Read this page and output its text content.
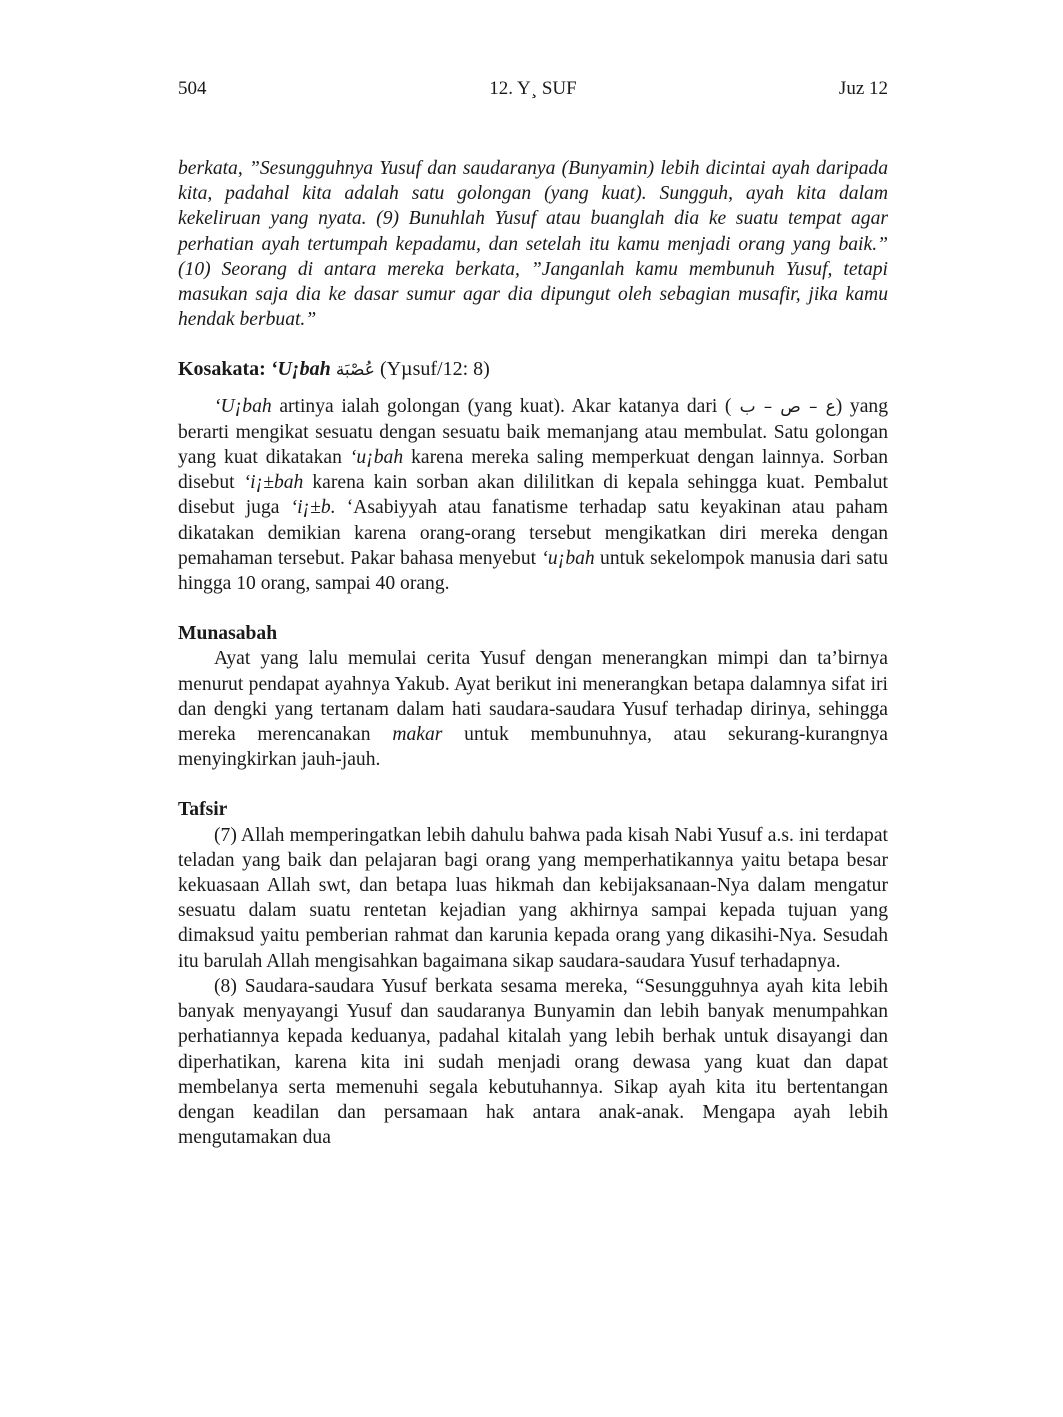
504	12. Y¸ SUF	Juz 12

berkata, ”Sesungguhnya Yusuf dan saudaranya (Bunyamin) lebih dicintai ayah daripada kita, padahal kita adalah satu golongan (yang kuat). Sungguh, ayah kita dalam kekeliruan yang nyata. (9) Bunuhlah Yusuf atau buanglah dia ke suatu tempat agar perhatian ayah tertumpah kepadamu, dan setelah itu kamu menjadi orang yang baik.” (10) Seorang di antara mereka berkata, ”Janganlah kamu membunuh Yusuf, tetapi masukan saja dia ke dasar sumur agar dia dipungut oleh sebagian musafir, jika kamu hendak berbuat.”

Kosakata: ‘U¡bah عُصْبَة (Yµsuf/12: 8)

‘U¡bah artinya ialah golongan (yang kuat). Akar katanya dari ( ع – ص – ب) yang berarti mengikat sesuatu dengan sesuatu baik memanjang atau membulat. Satu golongan yang kuat dikatakan ‘u¡bah karena mereka saling memperkuat dengan lainnya. Sorban disebut ‘i¡±bah karena kain sorban akan dililitkan di kepala sehingga kuat. Pembalut disebut juga ‘i¡±b. ‘Asabiyyah atau fanatisme terhadap satu keyakinan atau paham dikatakan demikian karena orang-orang tersebut mengikatkan diri mereka dengan pemahaman tersebut. Pakar bahasa menyebut ‘u¡bah untuk sekelompok manusia dari satu hingga 10 orang, sampai 40 orang.

Munasabah

Ayat yang lalu memulai cerita Yusuf dengan menerangkan mimpi dan ta’birnya menurut pendapat ayahnya Yakub. Ayat berikut ini menerangkan betapa dalamnya sifat iri dan dengki yang tertanam dalam hati saudara-saudara Yusuf terhadap dirinya, sehingga mereka merencanakan makar untuk membunuhnya, atau sekurang-kurangnya menyingkirkan jauh-jauh.

Tafsir

(7) Allah memperingatkan lebih dahulu bahwa pada kisah Nabi Yusuf a.s. ini terdapat teladan yang baik dan pelajaran bagi orang yang memperhatikannya yaitu betapa besar kekuasaan Allah swt, dan betapa luas hikmah dan kebijaksanaan-Nya dalam mengatur sesuatu dalam suatu rentetan kejadian yang akhirnya sampai kepada tujuan yang dimaksud yaitu pemberian rahmat dan karunia kepada orang yang dikasihi-Nya. Sesudah itu barulah Allah mengisahkan bagaimana sikap saudara-saudara Yusuf terhadapnya.

(8) Saudara-saudara Yusuf berkata sesama mereka, “Sesungguhnya ayah kita lebih banyak menyayangi Yusuf dan saudaranya Bunyamin dan lebih banyak menumpahkan perhatiannya kepada keduanya, padahal kitalah yang lebih berhak untuk disayangi dan diperhatikan, karena kita ini sudah menjadi orang dewasa yang kuat dan dapat membelanya serta memenuhi segala kebutuhannya. Sikap ayah kita itu bertentangan dengan keadilan dan persamaan hak antara anak-anak. Mengapa ayah lebih mengutamakan dua
